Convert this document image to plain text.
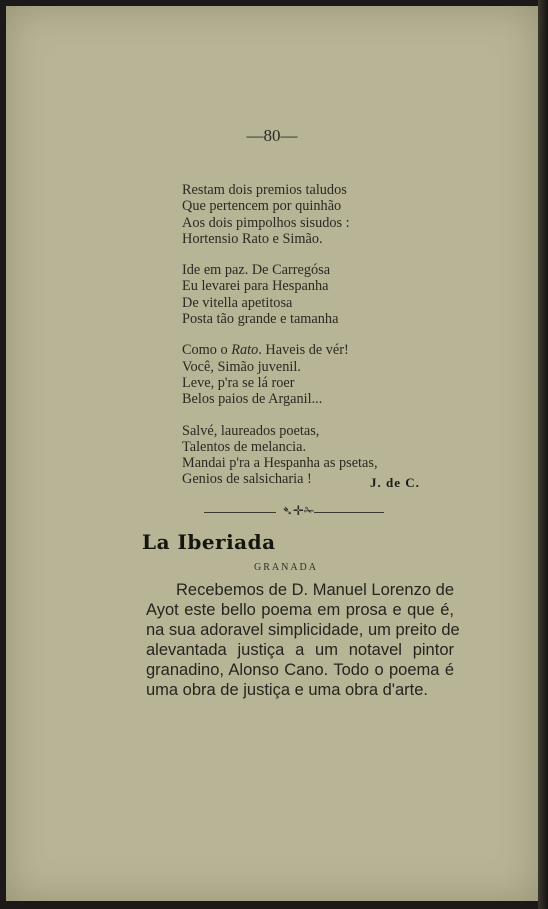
—80—
Restam dois premios taludos
Que pertencem por quinhão
Aos dois pimpolhos sisudos :
Hortensio Rato e Simão.
Ide em paz. De Carregósa
Eu levarei para Hespanha
De vitella apetitosa
Posta tão grande e tamanha
Como o Rato. Haveis de vér!
Você, Simão juvenil.
Leve, p'ra se lá roer
Belos paios de Arganil...
Salvé, laureados poetas,
Talentos de melancia.
Mandai p'ra a Hespanha as psetas,
Genios de salsicharia !	J. de C.
➴✛✁
La Iberiada
GRANADA
Recebemos de D. Manuel Lorenzo de
Ayot este bello poema em prosa e que é,
na sua adoravel simplicidade, um preito de
alevantada justiça a um notavel pintor
granadino, Alonso Cano. Todo o poema é
uma obra de justiça e uma obra d'arte.
